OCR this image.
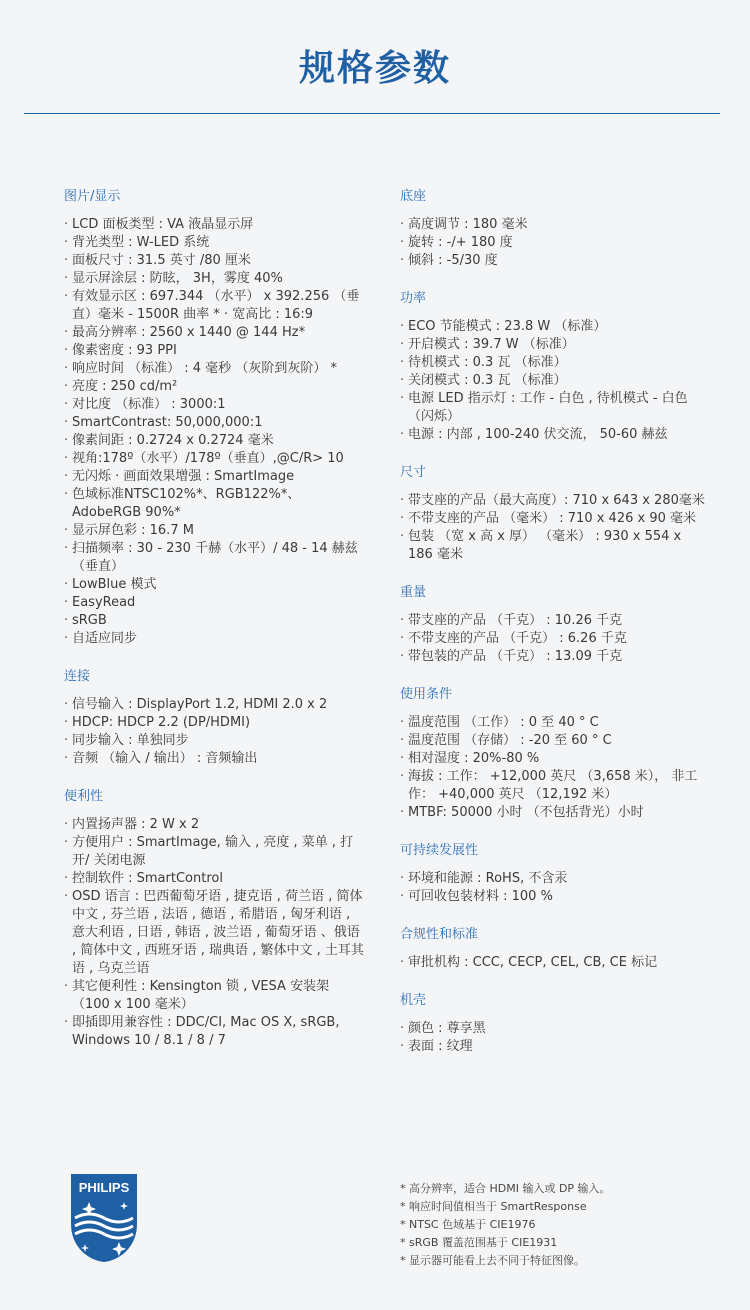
规格参数
图片/显示
· LCD 面板类型 : VA 液晶显示屏
· 背光类型 : W-LED 系统
· 面板尺寸 : 31.5 英寸 /80 厘米
· 显示屏涂层 : 防眩， 3H，雾度 40%
· 有效显示区 : 697.344 （水平） x 392.256 （垂直）毫米 - 1500R 曲率 * · 宽高比 : 16:9
· 最高分辨率 : 2560 x 1440 @ 144 Hz*
· 像素密度 : 93 PPI
· 响应时间 （标准） : 4 毫秒 （灰阶到灰阶） *
· 亮度 : 250 cd/m²
· 对比度 （标准） : 3000:1
· SmartContrast: 50,000,000:1
· 像素间距 : 0.2724 x 0.2724 毫米
· 视角:178º（水平）/178º（垂直）,@C/R> 10
· 无闪烁 · 画面效果增强 : SmartImage
· 色域标准NTSC102%*、RGB122%*、 AdobeRGB 90%*
· 显示屏色彩 : 16.7 M
· 扫描频率 : 30 - 230 千赫（水平）/ 48 - 14 赫兹（垂直）
· LowBlue 模式
· EasyRead
· sRGB
· 自适应同步
连接
· 信号输入 : DisplayPort 1.2, HDMI 2.0 x 2
· HDCP: HDCP 2.2 (DP/HDMI)
· 同步输入 : 单独同步
· 音频 （输入 / 输出） : 音频输出
便利性
· 内置扬声器 : 2 W x 2
· 方便用户 : SmartImage, 输入 , 亮度 , 菜单 , 打开/ 关闭电源
· 控制软件 : SmartControl
· OSD 语言 : 巴西葡萄牙语 , 捷克语 , 荷兰语 , 简体中文 , 芬兰语 , 法语 , 德语 , 希腊语 , 匈牙利语 , 意大利语 , 日语 , 韩语 , 波兰语 , 葡萄牙语 、俄语 , 简体中文 , 西班牙语 , 瑞典语 , 繁体中文 , 土耳其语 , 乌克兰语
· 其它便利性 : Kensington 锁 , VESA 安装架 （100 x 100 毫米）
· 即插即用兼容性 : DDC/CI, Mac OS X, sRGB, Windows 10 / 8.1 / 8 / 7
底座
· 高度调节 : 180 毫米
· 旋转 : -/+ 180 度
· 倾斜 : -5/30 度
功率
· ECO 节能模式 : 23.8 W （标准）
· 开启模式 : 39.7 W （标准）
· 待机模式 : 0.3 瓦 （标准）
· 关闭模式 : 0.3 瓦 （标准）
· 电源 LED 指示灯 : 工作 - 白色 , 待机模式 - 白色 （闪烁）
· 电源 : 内部 , 100-240 伏交流， 50-60 赫兹
尺寸
· 带支座的产品（最大高度）: 710 x 643 x 280毫米
· 不带支座的产品 （毫米） : 710 x 426 x 90 毫米
· 包装 （宽 x 高 x 厚） （毫米） : 930 x 554 x 186 毫米
重量
· 带支座的产品 （千克） : 10.26 千克
· 不带支座的产品 （千克） : 6.26 千克
· 带包装的产品 （千克） : 13.09 千克
使用条件
· 温度范围 （工作） : 0 至 40 ° C
· 温度范围 （存储） : -20 至 60 ° C
· 相对湿度 : 20%-80 %
· 海拔 : 工作： +12,000 英尺 （3,658 米）， 非工作： +40,000 英尺 （12,192 米）
· MTBF: 50000 小时 （不包括背光）小时
可持续发展性
· 环境和能源 : RoHS, 不含汞
· 可回收包装材料 : 100 %
合规性和标准
· 审批机构 : CCC, CECP, CEL, CB, CE 标记
机壳
· 颜色 : 尊享黑
· 表面 : 纹理
PHILIPS	* 高分辨率，适合 HDMI 输入或 DP 输入。
* 响应时间值相当于 SmartResponse
* NTSC 色域基于 CIE1976
* sRGB 覆盖范围基于 CIE1931
* 显示器可能看上去不同于特征图像。
